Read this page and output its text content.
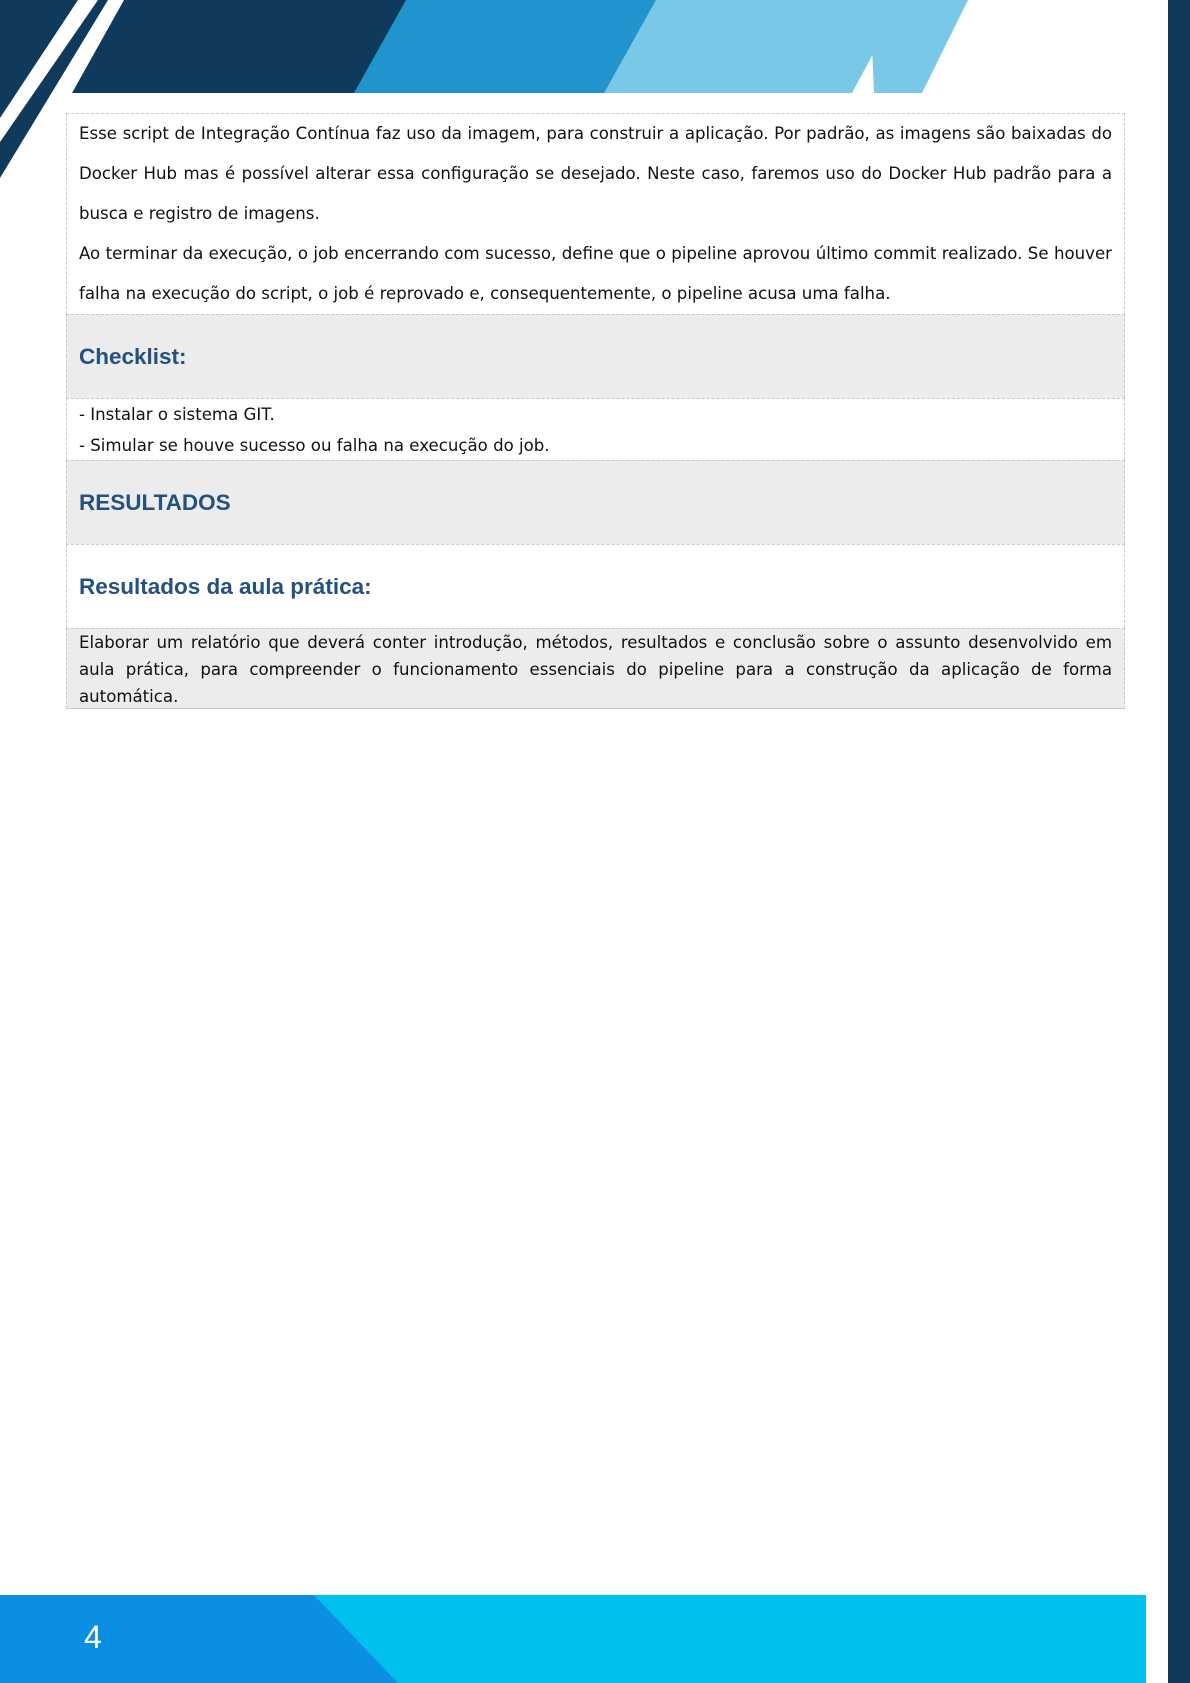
Esse script de Integração Contínua faz uso da imagem, para construir a aplicação. Por padrão, as imagens são baixadas do Docker Hub mas é possível alterar essa configuração se desejado. Neste caso, faremos uso do Docker Hub padrão para a busca e registro de imagens.

Ao terminar da execução, o job encerrando com sucesso, define que o pipeline aprovou último commit realizado. Se houver falha na execução do script, o job é reprovado e, consequentemente, o pipeline acusa uma falha.

Checklist:

- Instalar o sistema GIT.

- Simular se houve sucesso ou falha na execução do job.

RESULTADOS
Resultados da aula prática:

Elaborar um relatório que deverá conter introdução, métodos, resultados e conclusão sobre o assunto desenvolvido em aula prática, para compreender o funcionamento essenciais do pipeline para a construção da aplicação de forma automática.

4
